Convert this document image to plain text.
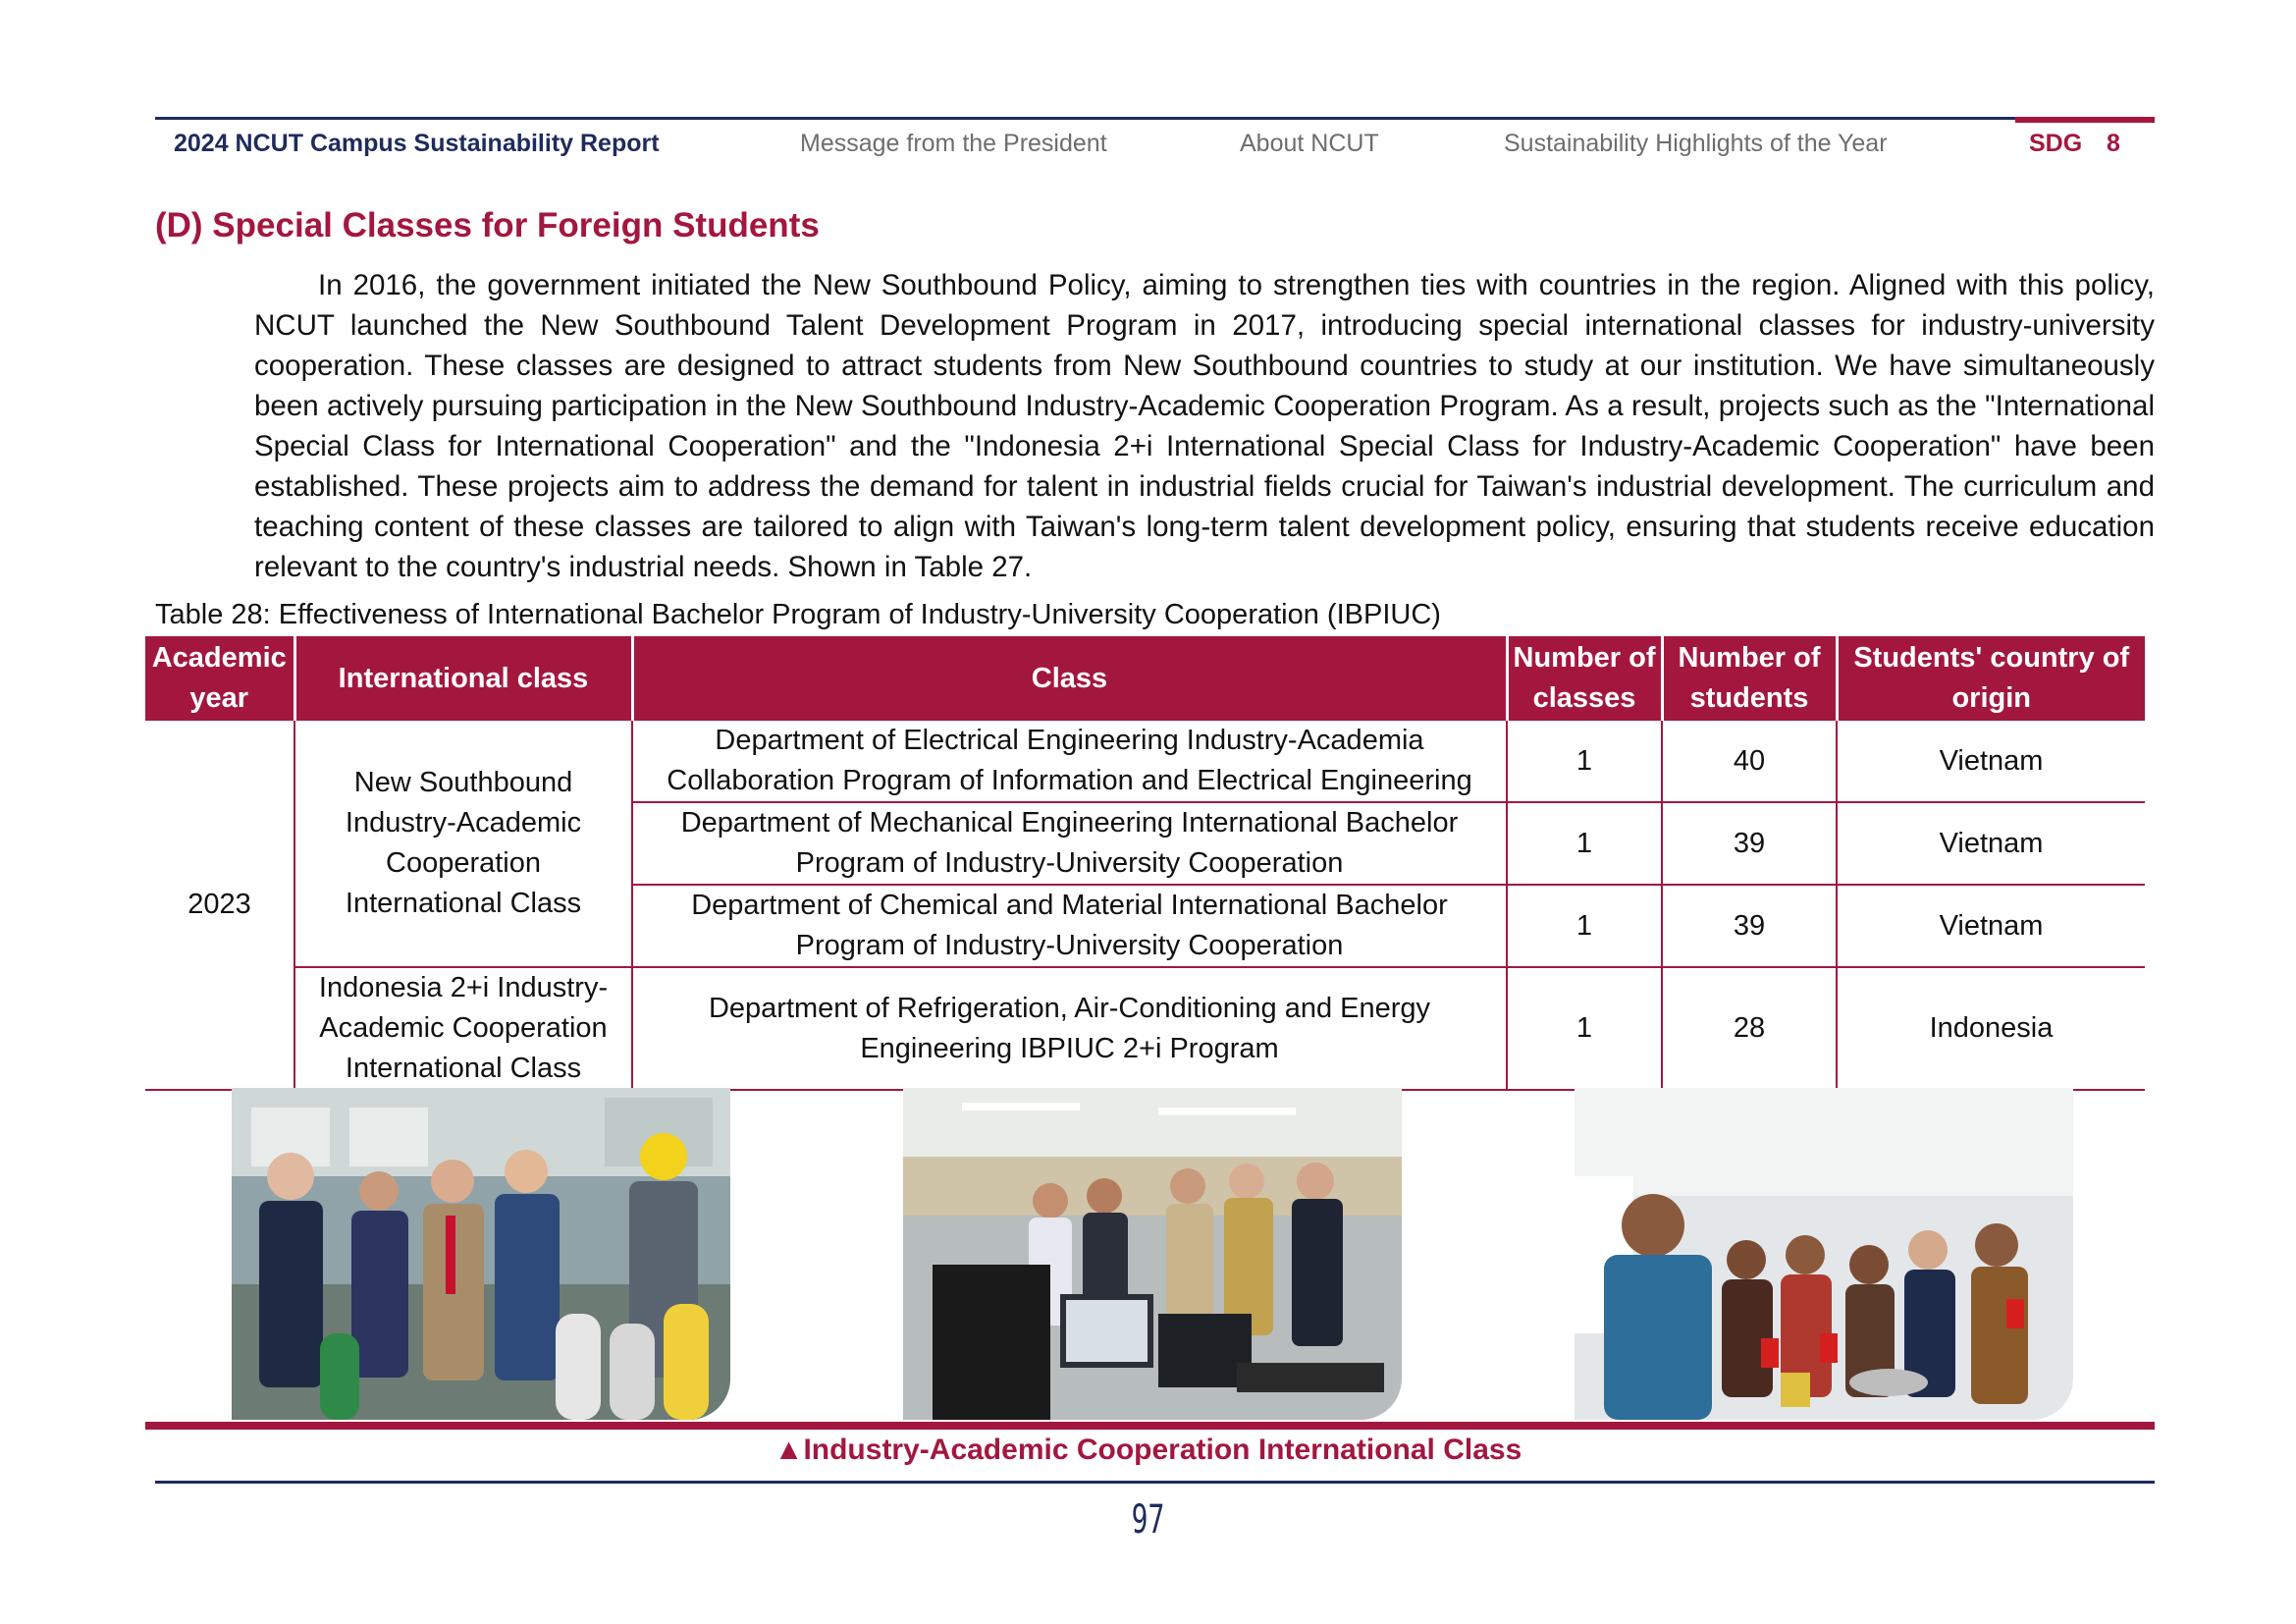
2024 NCUT Campus Sustainability Report	Message from the President	About NCUT	Sustainability Highlights of the Year	SDG 8
(D) Special Classes for Foreign Students
In 2016, the government initiated the New Southbound Policy, aiming to strengthen ties with countries in the region. Aligned with this policy, NCUT launched the New Southbound Talent Development Program in 2017, introducing special international classes for industry-university cooperation. These classes are designed to attract students from New Southbound countries to study at our institution. We have simultaneously been actively pursuing participation in the New Southbound Industry-Academic Cooperation Program. As a result, projects such as the "International Special Class for International Cooperation" and the "Indonesia 2+i International Special Class for Industry-Academic Cooperation" have been established. These projects aim to address the demand for talent in industrial fields crucial for Taiwan's industrial development. The curriculum and teaching content of these classes are tailored to align with Taiwan's long-term talent development policy, ensuring that students receive education relevant to the country's industrial needs. Shown in Table 27.
Table 28: Effectiveness of International Bachelor Program of Industry-University Cooperation (IBPIUC)
Academic year	International class	Class	Number of classes	Number of students	Students' country of origin
2023	New Southbound Industry-Academic Cooperation International Class	Department of Electrical Engineering Industry-Academia Collaboration Program of Information and Electrical Engineering	1	40	Vietnam
		Department of Mechanical Engineering International Bachelor Program of Industry-University Cooperation	1	39	Vietnam
		Department of Chemical and Material International Bachelor Program of Industry-University Cooperation	1	39	Vietnam
	Indonesia 2+i Industry-Academic Cooperation International Class	Department of Refrigeration, Air-Conditioning and Energy Engineering IBPIUC 2+i Program	1	28	Indonesia
▲Industry-Academic Cooperation International Class
97
